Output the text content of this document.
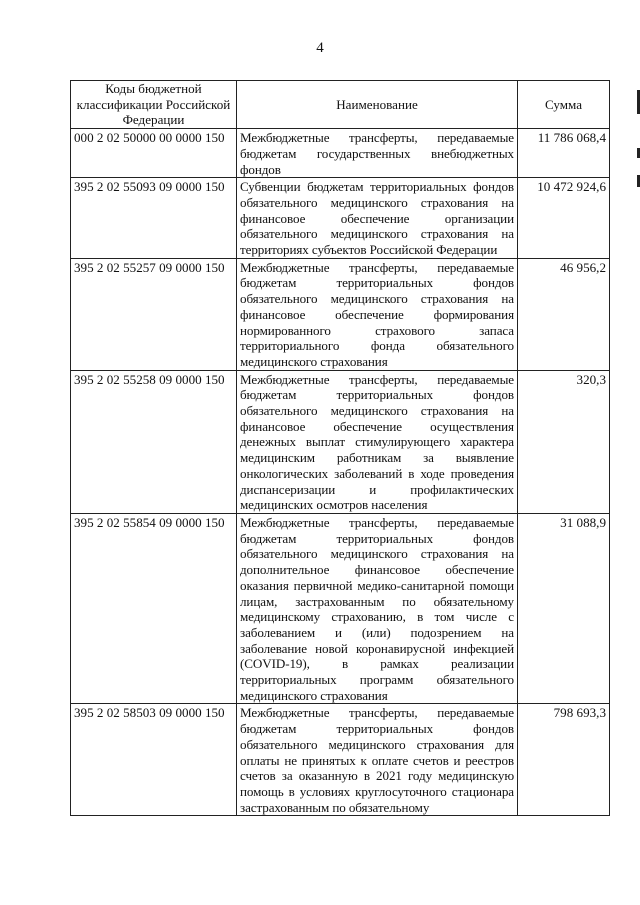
4
Коды бюджетной классификации Российской Федерации	Наименование	Сумма
000 2 02 50000 00 0000 150	Межбюджетные трансферты, передаваемые бюджетам государственных внебюджетных фондов	11 786 068,4
395 2 02 55093 09 0000 150	Субвенции бюджетам территориальных фондов обязательного медицинского страхования на финансовое обеспечение организации обязательного медицинского страхования на территориях субъектов Российской Федерации	10 472 924,6
395 2 02 55257 09 0000 150	Межбюджетные трансферты, передаваемые бюджетам территориальных фондов обязательного медицинского страхования на финансовое обеспечение формирования нормированного страхового запаса территориального фонда обязательного медицинского страхования	46 956,2
395 2 02 55258 09 0000 150	Межбюджетные трансферты, передаваемые бюджетам территориальных фондов обязательного медицинского страхования на финансовое обеспечение осуществления денежных выплат стимулирующего характера медицинским работникам за выявление онкологических заболеваний в ходе проведения диспансеризации и профилактических медицинских осмотров населения	320,3
395 2 02 55854 09 0000 150	Межбюджетные трансферты, передаваемые бюджетам территориальных фондов обязательного медицинского страхования на дополнительное финансовое обеспечение оказания первичной медико-санитарной помощи лицам, застрахованным по обязательному медицинскому страхованию, в том числе с заболеванием и (или) подозрением на заболевание новой коронавирусной инфекцией (COVID-19), в рамках реализации территориальных программ обязательного медицинского страхования	31 088,9
395 2 02 58503 09 0000 150	Межбюджетные трансферты, передаваемые бюджетам территориальных фондов обязательного медицинского страхования для оплаты не принятых к оплате счетов и реестров счетов за оказанную в 2021 году медицинскую помощь в условиях круглосуточного стационара застрахованным по обязательному	798 693,3
